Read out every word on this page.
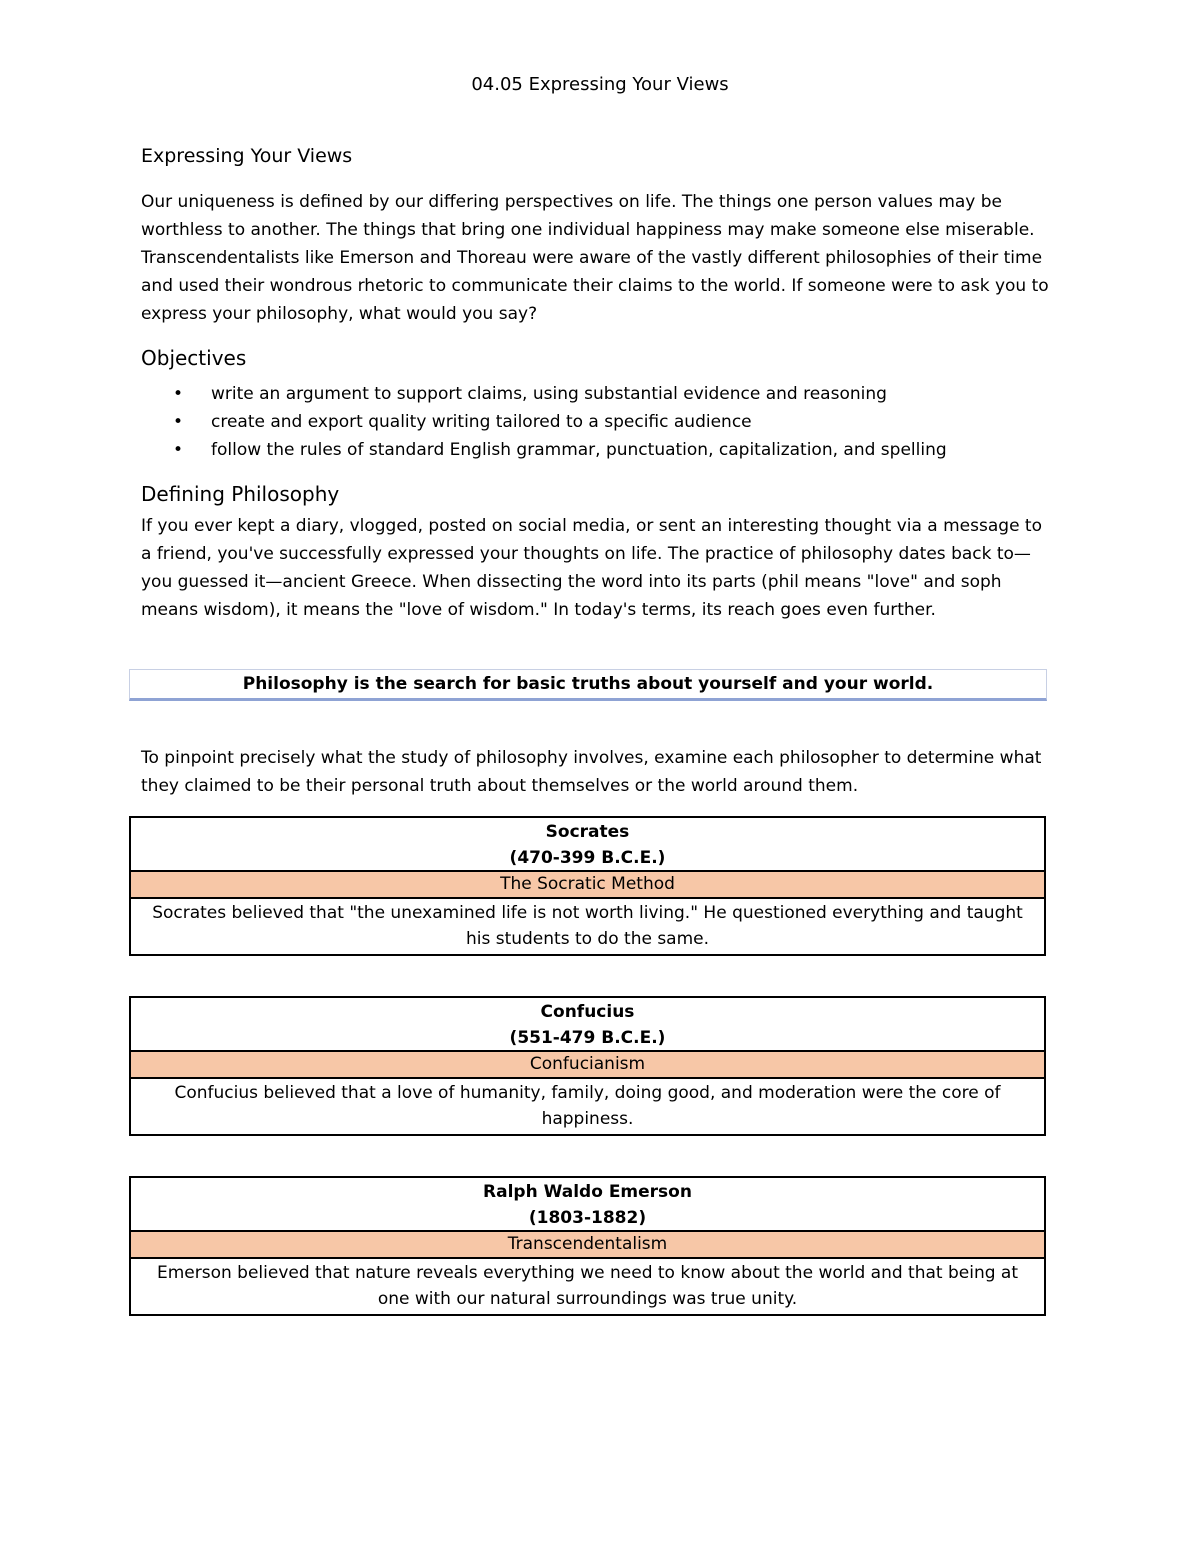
04.05 Expressing Your Views
Expressing Your Views

Our uniqueness is defined by our differing perspectives on life. The things one person values may be worthless to another. The things that bring one individual happiness may make someone else miserable. Transcendentalists like Emerson and Thoreau were aware of the vastly different philosophies of their time and used their wondrous rhetoric to communicate their claims to the world. If someone were to ask you to express your philosophy, what would you say?

Objectives
• write an argument to support claims, using substantial evidence and reasoning
• create and export quality writing tailored to a specific audience
• follow the rules of standard English grammar, punctuation, capitalization, and spelling
Defining Philosophy

If you ever kept a diary, vlogged, posted on social media, or sent an interesting thought via a message to a friend, you've successfully expressed your thoughts on life. The practice of philosophy dates back to—you guessed it—ancient Greece. When dissecting the word into its parts (phil means "love" and soph means wisdom), it means the "love of wisdom." In today's terms, its reach goes even further.

Philosophy is the search for basic truths about yourself and your world.

To pinpoint precisely what the study of philosophy involves, examine each philosopher to determine what they claimed to be their personal truth about themselves or the world around them.

Socrates
(470-399 B.C.E.)
The Socratic Method
Socrates believed that "the unexamined life is not worth living." He questioned everything and taught his students to do the same.
Confucius
(551-479 B.C.E.)
Confucianism
Confucius believed that a love of humanity, family, doing good, and moderation were the core of happiness.
Ralph Waldo Emerson
(1803-1882)
Transcendentalism
Emerson believed that nature reveals everything we need to know about the world and that being at one with our natural surroundings was true unity.
